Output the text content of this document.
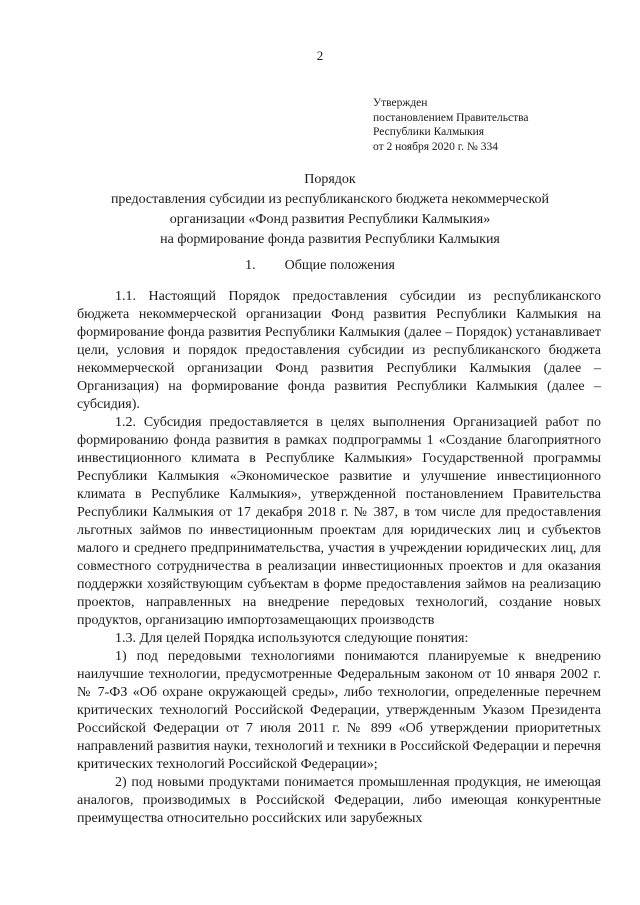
2
Утвержден
постановлением Правительства
Республики Калмыкия
от 2 ноября 2020 г. № 334
Порядок
предоставления субсидии из республиканского бюджета некоммерческой
организации «Фонд развития Республики Калмыкия»
на формирование фонда развития Республики Калмыкия
1. Общие положения

1.1. Настоящий Порядок предоставления субсидии из республиканского бюджета некоммерческой организации Фонд развития Республики Калмыкия на формирование фонда развития Республики Калмыкия (далее – Порядок) устанавливает цели, условия и порядок предоставления субсидии из республиканского бюджета некоммерческой организации Фонд развития Республики Калмыкия (далее – Организация) на формирование фонда развития Республики Калмыкия (далее – субсидия).

1.2. Субсидия предоставляется в целях выполнения Организацией работ по формированию фонда развития в рамках подпрограммы 1 «Создание благоприятного инвестиционного климата в Республике Калмыкия» Государственной программы Республики Калмыкия «Экономическое развитие и улучшение инвестиционного климата в Республике Калмыкия», утвержденной постановлением Правительства Республики Калмыкия от 17 декабря 2018 г. № 387, в том числе для предоставления льготных займов по инвестиционным проектам для юридических лиц и субъектов малого и среднего предпринимательства, участия в учреждении юридических лиц, для совместного сотрудничества в реализации инвестиционных проектов и для оказания поддержки хозяйствующим субъектам в форме предоставления займов на реализацию проектов, направленных на внедрение передовых технологий, создание новых продуктов, организацию импортозамещающих производств

1.3. Для целей Порядка используются следующие понятия:

1) под передовыми технологиями понимаются планируемые к внедрению наилучшие технологии, предусмотренные Федеральным законом от 10 января 2002 г. № 7-ФЗ «Об охране окружающей среды», либо технологии, определенные перечнем критических технологий Российской Федерации, утвержденным Указом Президента Российской Федерации от 7 июля 2011 г. № 899 «Об утверждении приоритетных направлений развития науки, технологий и техники в Российской Федерации и перечня критических технологий Российской Федерации»;

2) под новыми продуктами понимается промышленная продукция, не имеющая аналогов, производимых в Российской Федерации, либо имеющая конкурентные преимущества относительно российских или зарубежных
